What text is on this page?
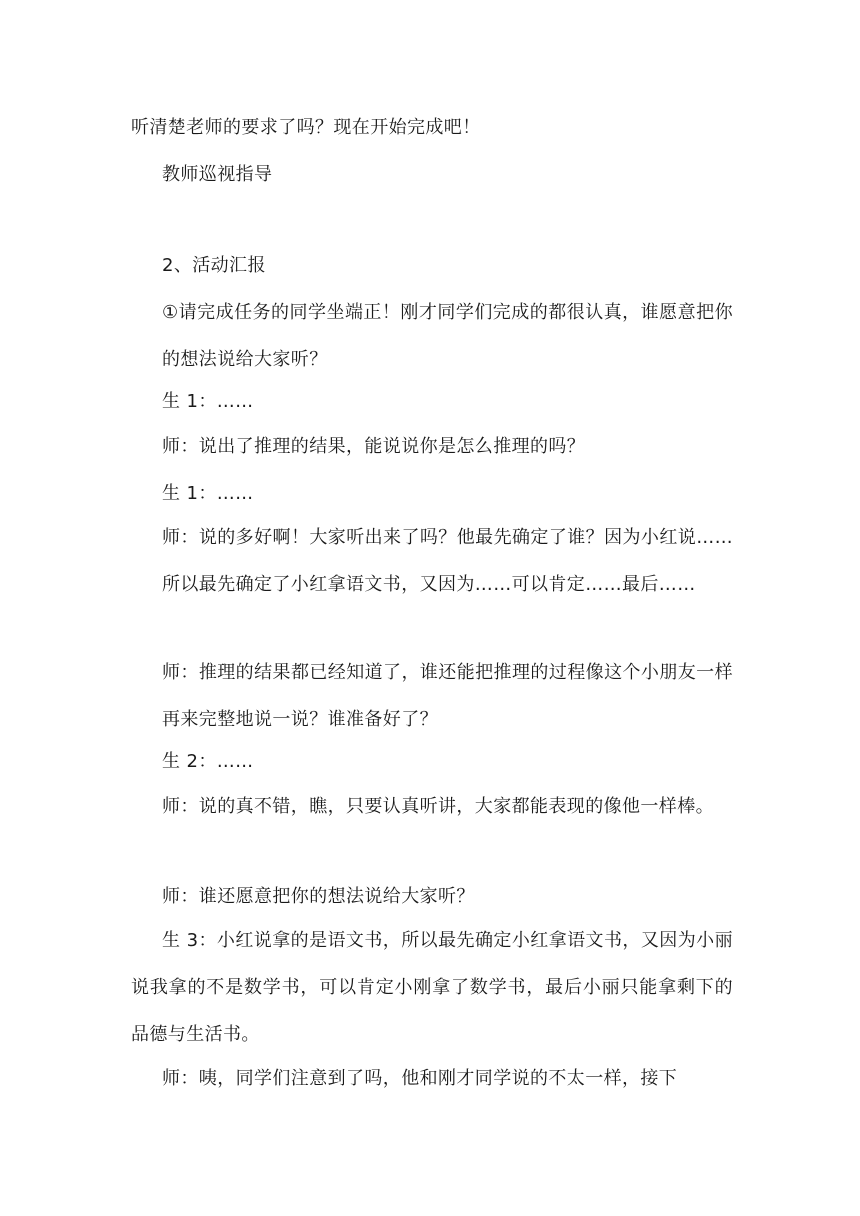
听清楚老师的要求了吗？现在开始完成吧！

教师巡视指导

2、活动汇报

①请完成任务的同学坐端正！刚才同学们完成的都很认真，谁愿意把你的想法说给大家听？

生 1：……

师：说出了推理的结果，能说说你是怎么推理的吗？

生 1：……

师：说的多好啊！大家听出来了吗？他最先确定了谁？因为小红说……所以最先确定了小红拿语文书，又因为……可以肯定……最后……

师：推理的结果都已经知道了，谁还能把推理的过程像这个小朋友一样再来完整地说一说？谁准备好了？

生 2：……

师：说的真不错，瞧，只要认真听讲，大家都能表现的像他一样棒。

师：谁还愿意把你的想法说给大家听？

生 3：小红说拿的是语文书，所以最先确定小红拿语文书，又因为小丽说我拿的不是数学书，可以肯定小刚拿了数学书，最后小丽只能拿剩下的品德与生活书。

师：咦，同学们注意到了吗，他和刚才同学说的不太一样，接下
